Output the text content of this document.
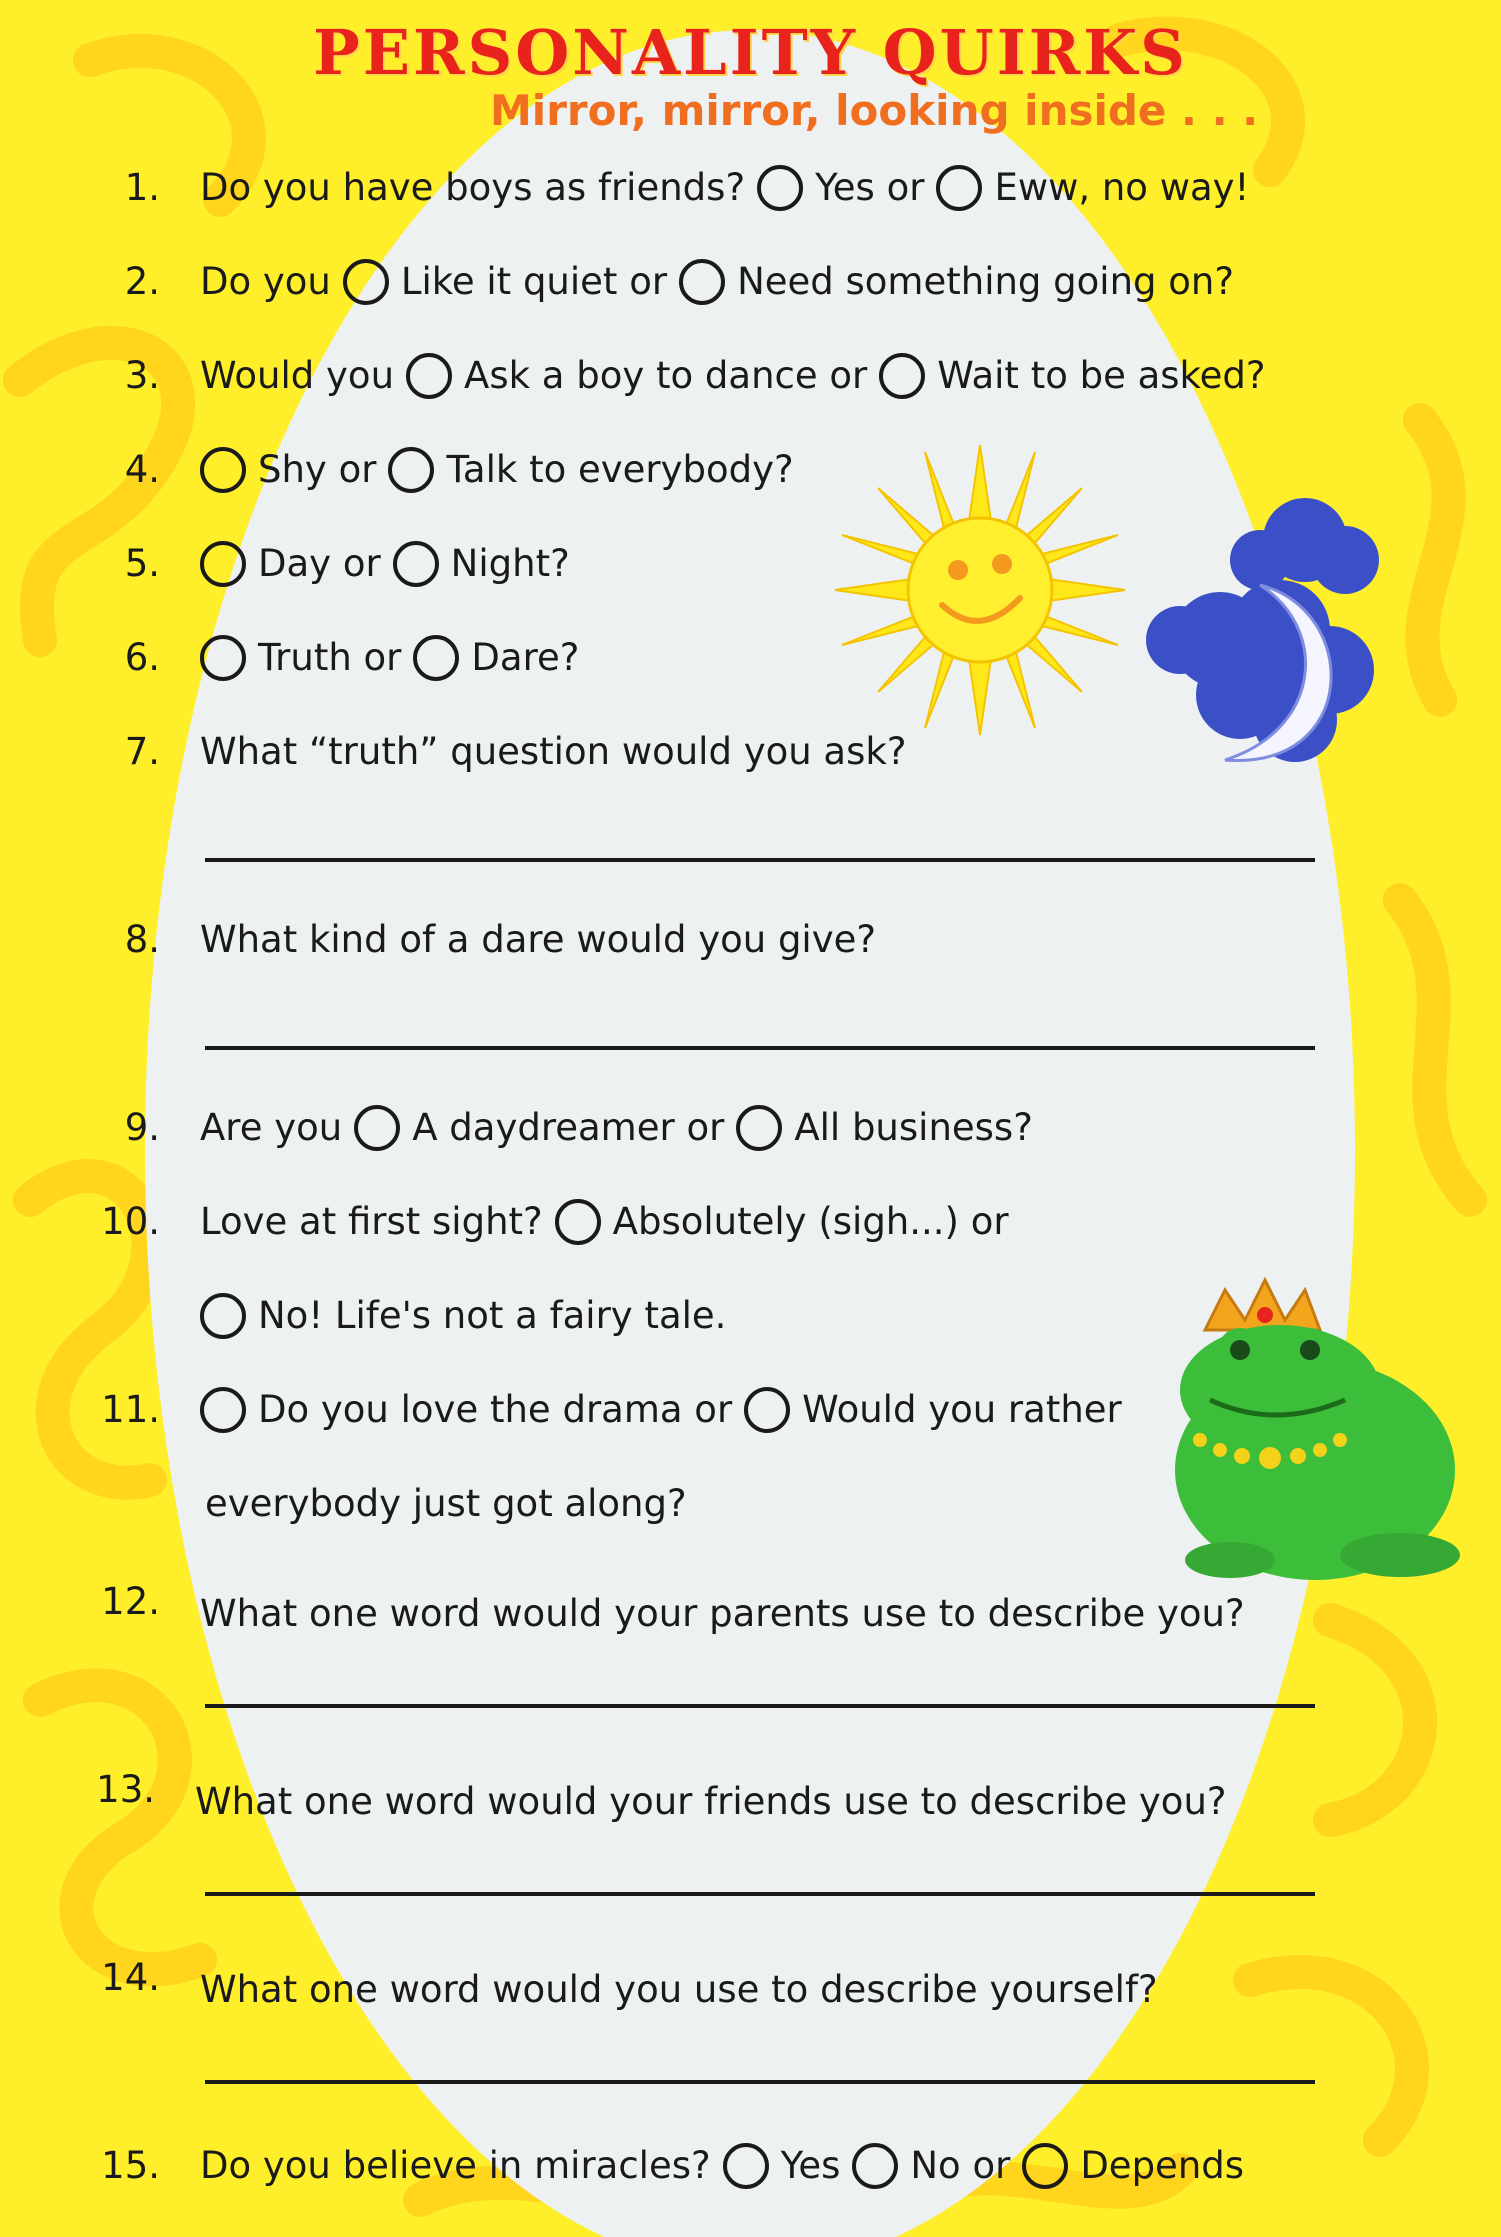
PERSONALITY QUIRKS
Mirror, mirror, looking inside . . .
1. Do you have boys as friends? Yes or Eww, no way!
2. Do you Like it quiet or Need something going on?
3. Would you Ask a boy to dance or Wait to be asked?
4.	Shy or Talk to everybody?
5.	Day or Night?
6.	Truth or Dare?
7. What “truth” question would you ask?
8. What kind of a dare would you give?
9. Are you A daydreamer or All business?
10. Love at first sight? Absolutely (sigh...) or
No! Life's not a fairy tale.
11.	Do you love the drama or Would you rather
everybody just got along?
12. What one word would your parents use to describe you?
13. What one word would your friends use to describe you?
14. What one word would you use to describe yourself?
15. Do you believe in miracles? Yes No or Depends
